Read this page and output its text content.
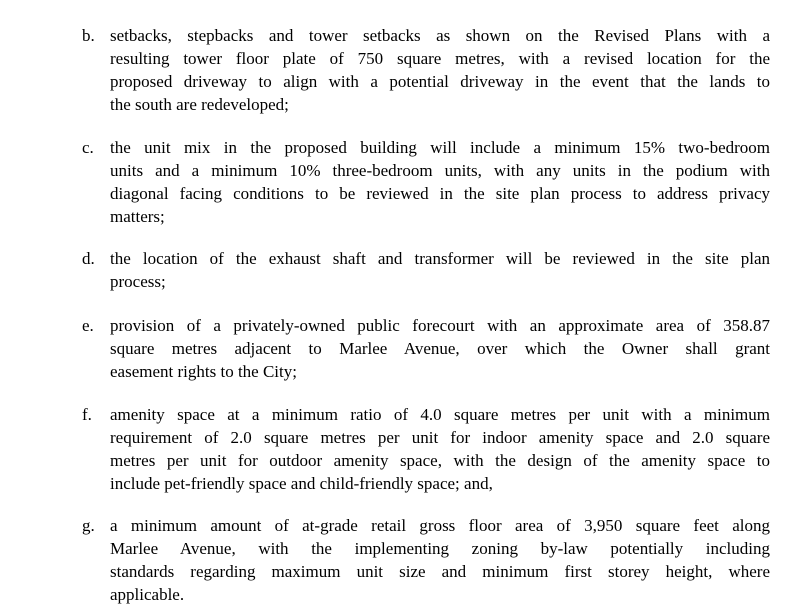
b. setbacks, stepbacks and tower setbacks as shown on the Revised Plans with a
resulting tower floor plate of 750 square metres, with a revised location for the
proposed driveway to align with a potential driveway in the event that the lands to
the south are redeveloped;
c. the unit mix in the proposed building will include a minimum 15% two-bedroom
units and a minimum 10% three-bedroom units, with any units in the podium with
diagonal facing conditions to be reviewed in the site plan process to address privacy
matters;
d. the location of the exhaust shaft and transformer will be reviewed in the site plan
process;
e. provision of a privately-owned public forecourt with an approximate area of 358.87
square metres adjacent to Marlee Avenue, over which the Owner shall grant
easement rights to the City;
f. amenity space at a minimum ratio of 4.0 square metres per unit with a minimum
requirement of 2.0 square metres per unit for indoor amenity space and 2.0 square
metres per unit for outdoor amenity space, with the design of the amenity space to
include pet-friendly space and child-friendly space; and,
g. a minimum amount of at-grade retail gross floor area of 3,950 square feet along
Marlee Avenue, with the implementing zoning by-law potentially including
standards regarding maximum unit size and minimum first storey height, where
applicable.
